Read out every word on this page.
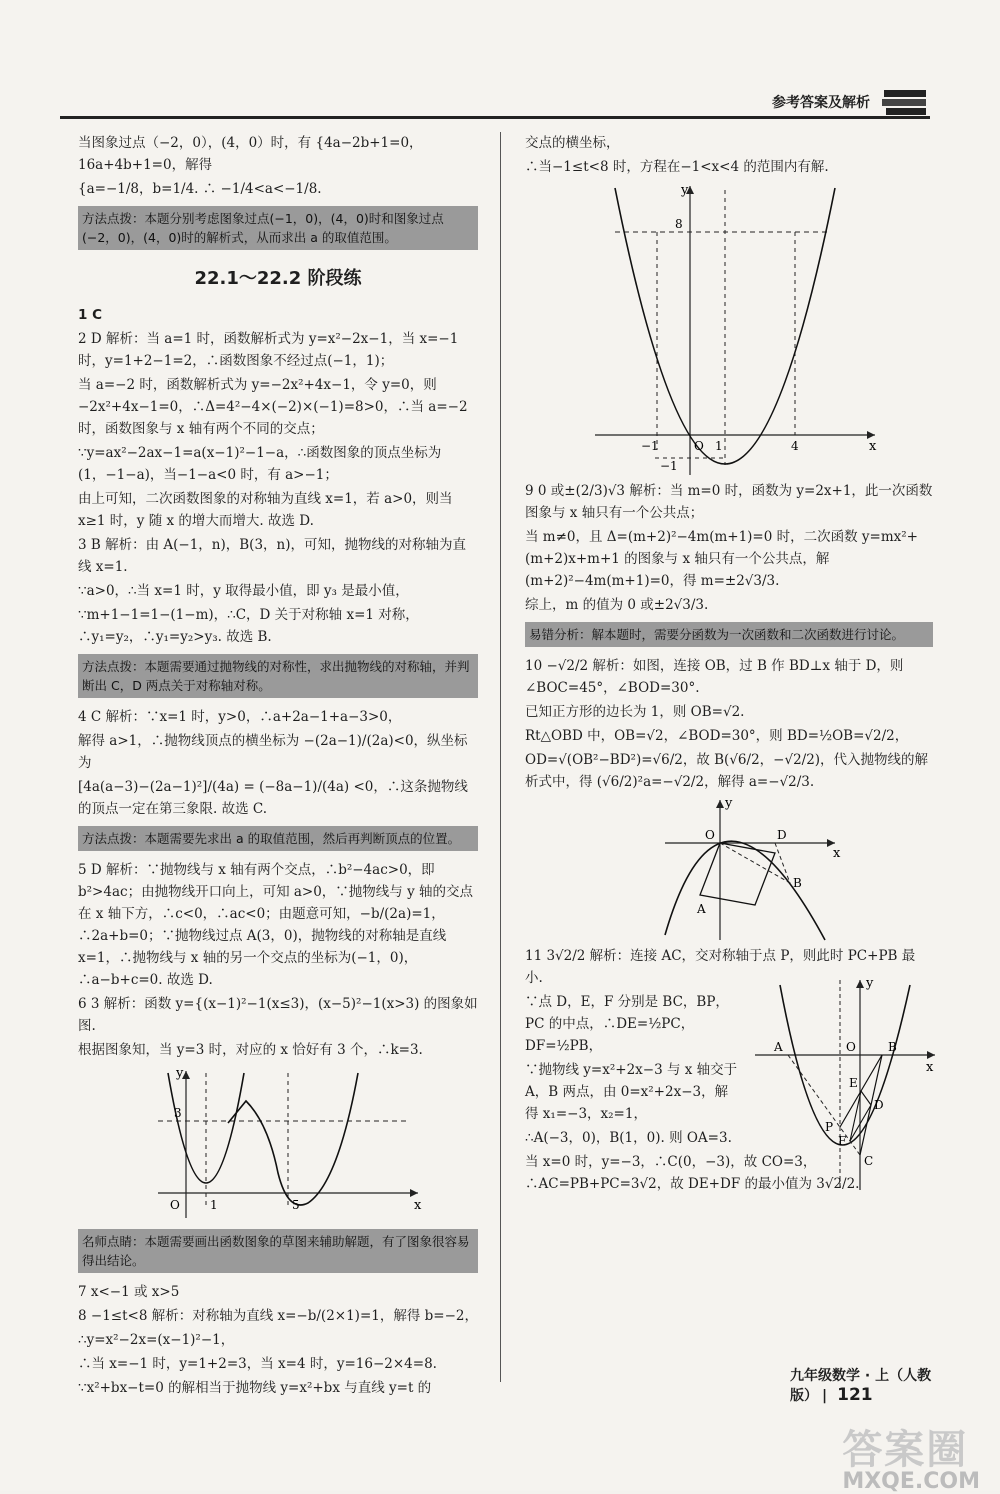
参考答案及解析

当图象过点（−2，0），(4，0）时，有 {4a−2b+1=0，16a+4b+1=0，解得

{a=−1/8，b=1/4. ∴ −1/4<a<−1/8.

方法点拨：本题分别考虑图象过点(−1，0)，(4，0)时和图象过点(−2，0)，(4，0)时的解析式，从而求出 a 的取值范围。
22.1～22.2 阶段练

1 C

2 D 解析：当 a=1 时，函数解析式为 y=x²−2x−1，当 x=−1 时，y=1+2−1=2，∴函数图象不经过点(−1，1)；

当 a=−2 时，函数解析式为 y=−2x²+4x−1，令 y=0，则 −2x²+4x−1=0，∴Δ=4²−4×(−2)×(−1)=8>0，∴当 a=−2 时，函数图象与 x 轴有两个不同的交点；

∵y=ax²−2ax−1=a(x−1)²−1−a，∴函数图象的顶点坐标为(1，−1−a)，当−1−a<0 时，有 a>−1；

由上可知，二次函数图象的对称轴为直线 x=1，若 a>0，则当 x≥1 时，y 随 x 的增大而增大. 故选 D.

3 B 解析：由 A(−1，n)，B(3，n)，可知，抛物线的对称轴为直线 x=1.

∵a>0，∴当 x=1 时，y 取得最小值，即 y₃ 是最小值，

∵m+1−1=1−(1−m)，∴C，D 关于对称轴 x=1 对称，∴y₁=y₂，∴y₁=y₂>y₃. 故选 B.

方法点拨：本题需要通过抛物线的对称性，求出抛物线的对称轴，并判断出 C，D 两点关于对称轴对称。

4 C 解析：∵x=1 时，y>0，∴a+2a−1+a−3>0，

解得 a>1，∴抛物线顶点的横坐标为 −(2a−1)/(2a)<0，纵坐标为

[4a(a−3)−(2a−1)²]/(4a) = (−8a−1)/(4a) <0，∴这条抛物线的顶点一定在第三象限. 故选 C.

方法点拨：本题需要先求出 a 的取值范围，然后再判断顶点的位置。

5 D 解析：∵抛物线与 x 轴有两个交点，∴b²−4ac>0，即 b²>4ac；由抛物线开口向上，可知 a>0，∵抛物线与 y 轴的交点在 x 轴下方，∴c<0，∴ac<0；由题意可知，−b/(2a)=1，∴2a+b=0；∵抛物线过点 A(3，0)，抛物线的对称轴是直线 x=1，∴抛物线与 x 轴的另一个交点的坐标为(−1，0)，∴a−b+c=0. 故选 D.

6 3 解析：函数 y={(x−1)²−1(x≤3)，(x−5)²−1(x>3) 的图象如图.

根据图象知，当 y=3 时，对应的 x 恰好有 3 个，∴k=3.

y
3
O	1	5	x
名师点睛：本题需要画出函数图象的草图来辅助解题，有了图象很容易得出结论。

7 x<−1 或 x>5

8 −1≤t<8 解析：对称轴为直线 x=−b/(2×1)=1，解得 b=−2，

∴y=x²−2x=(x−1)²−1，

∴当 x=−1 时，y=1+2=3，当 x=4 时，y=16−2×4=8.

∵x²+bx−t=0 的解相当于抛物线 y=x²+bx 与直线 y=t 的

交点的横坐标，

∴当−1≤t<8 时，方程在−1<x<4 的范围内有解.

y
8
−1	O 1	4	x
−1

9 0 或±(2/3)√3 解析：当 m=0 时，函数为 y=2x+1，此一次函数图象与 x 轴只有一个公共点；

当 m≠0，且 Δ=(m+2)²−4m(m+1)=0 时，二次函数 y=mx²+(m+2)x+m+1 的图象与 x 轴只有一个公共点，解(m+2)²−4m(m+1)=0，得 m=±2√3/3.

综上，m 的值为 0 或±2√3/3.

易错分析：解本题时，需要分函数为一次函数和二次函数进行讨论。

10 −√2/2 解析：如图，连接 OB，过 B 作 BD⊥x 轴于 D，则∠BOC=45°，∠BOD=30°.

已知正方形的边长为 1，则 OB=√2.

Rt△OBD 中，OB=√2，∠BOD=30°，则 BD=½OB=√2/2，

OD=√(OB²−BD²)=√6/2，故 B(√6/2，−√2/2)，代入抛物线的解析式中，得 (√6/2)²a=−√2/2，解得 a=−√2/3.

y
O	D
x
B
A

11 3√2/2 解析：连接 AC，交对称轴于点 P，则此时 PC+PB 最小.

∵点 D，E，F 分别是 BC，BP，PC 的中点，∴DE=½PC，DF=½PB，

∵抛物线 y=x²+2x−3 与 x 轴交于 A，B 两点，由 0=x²+2x−3，解得 x₁=−3，x₂=1，

∴A(−3，0)，B(1，0). 则 OA=3.

当 x=0 时，y=−3，∴C(0，−3)，故 CO=3，∴AC=PB+PC=3√2，故 DE+DF 的最小值为 3√2/2.

y
A	O	B
x
E
D
P
F
C
九年级数学 · 上（人教版） | 121
答案圈
MXQE.COM
